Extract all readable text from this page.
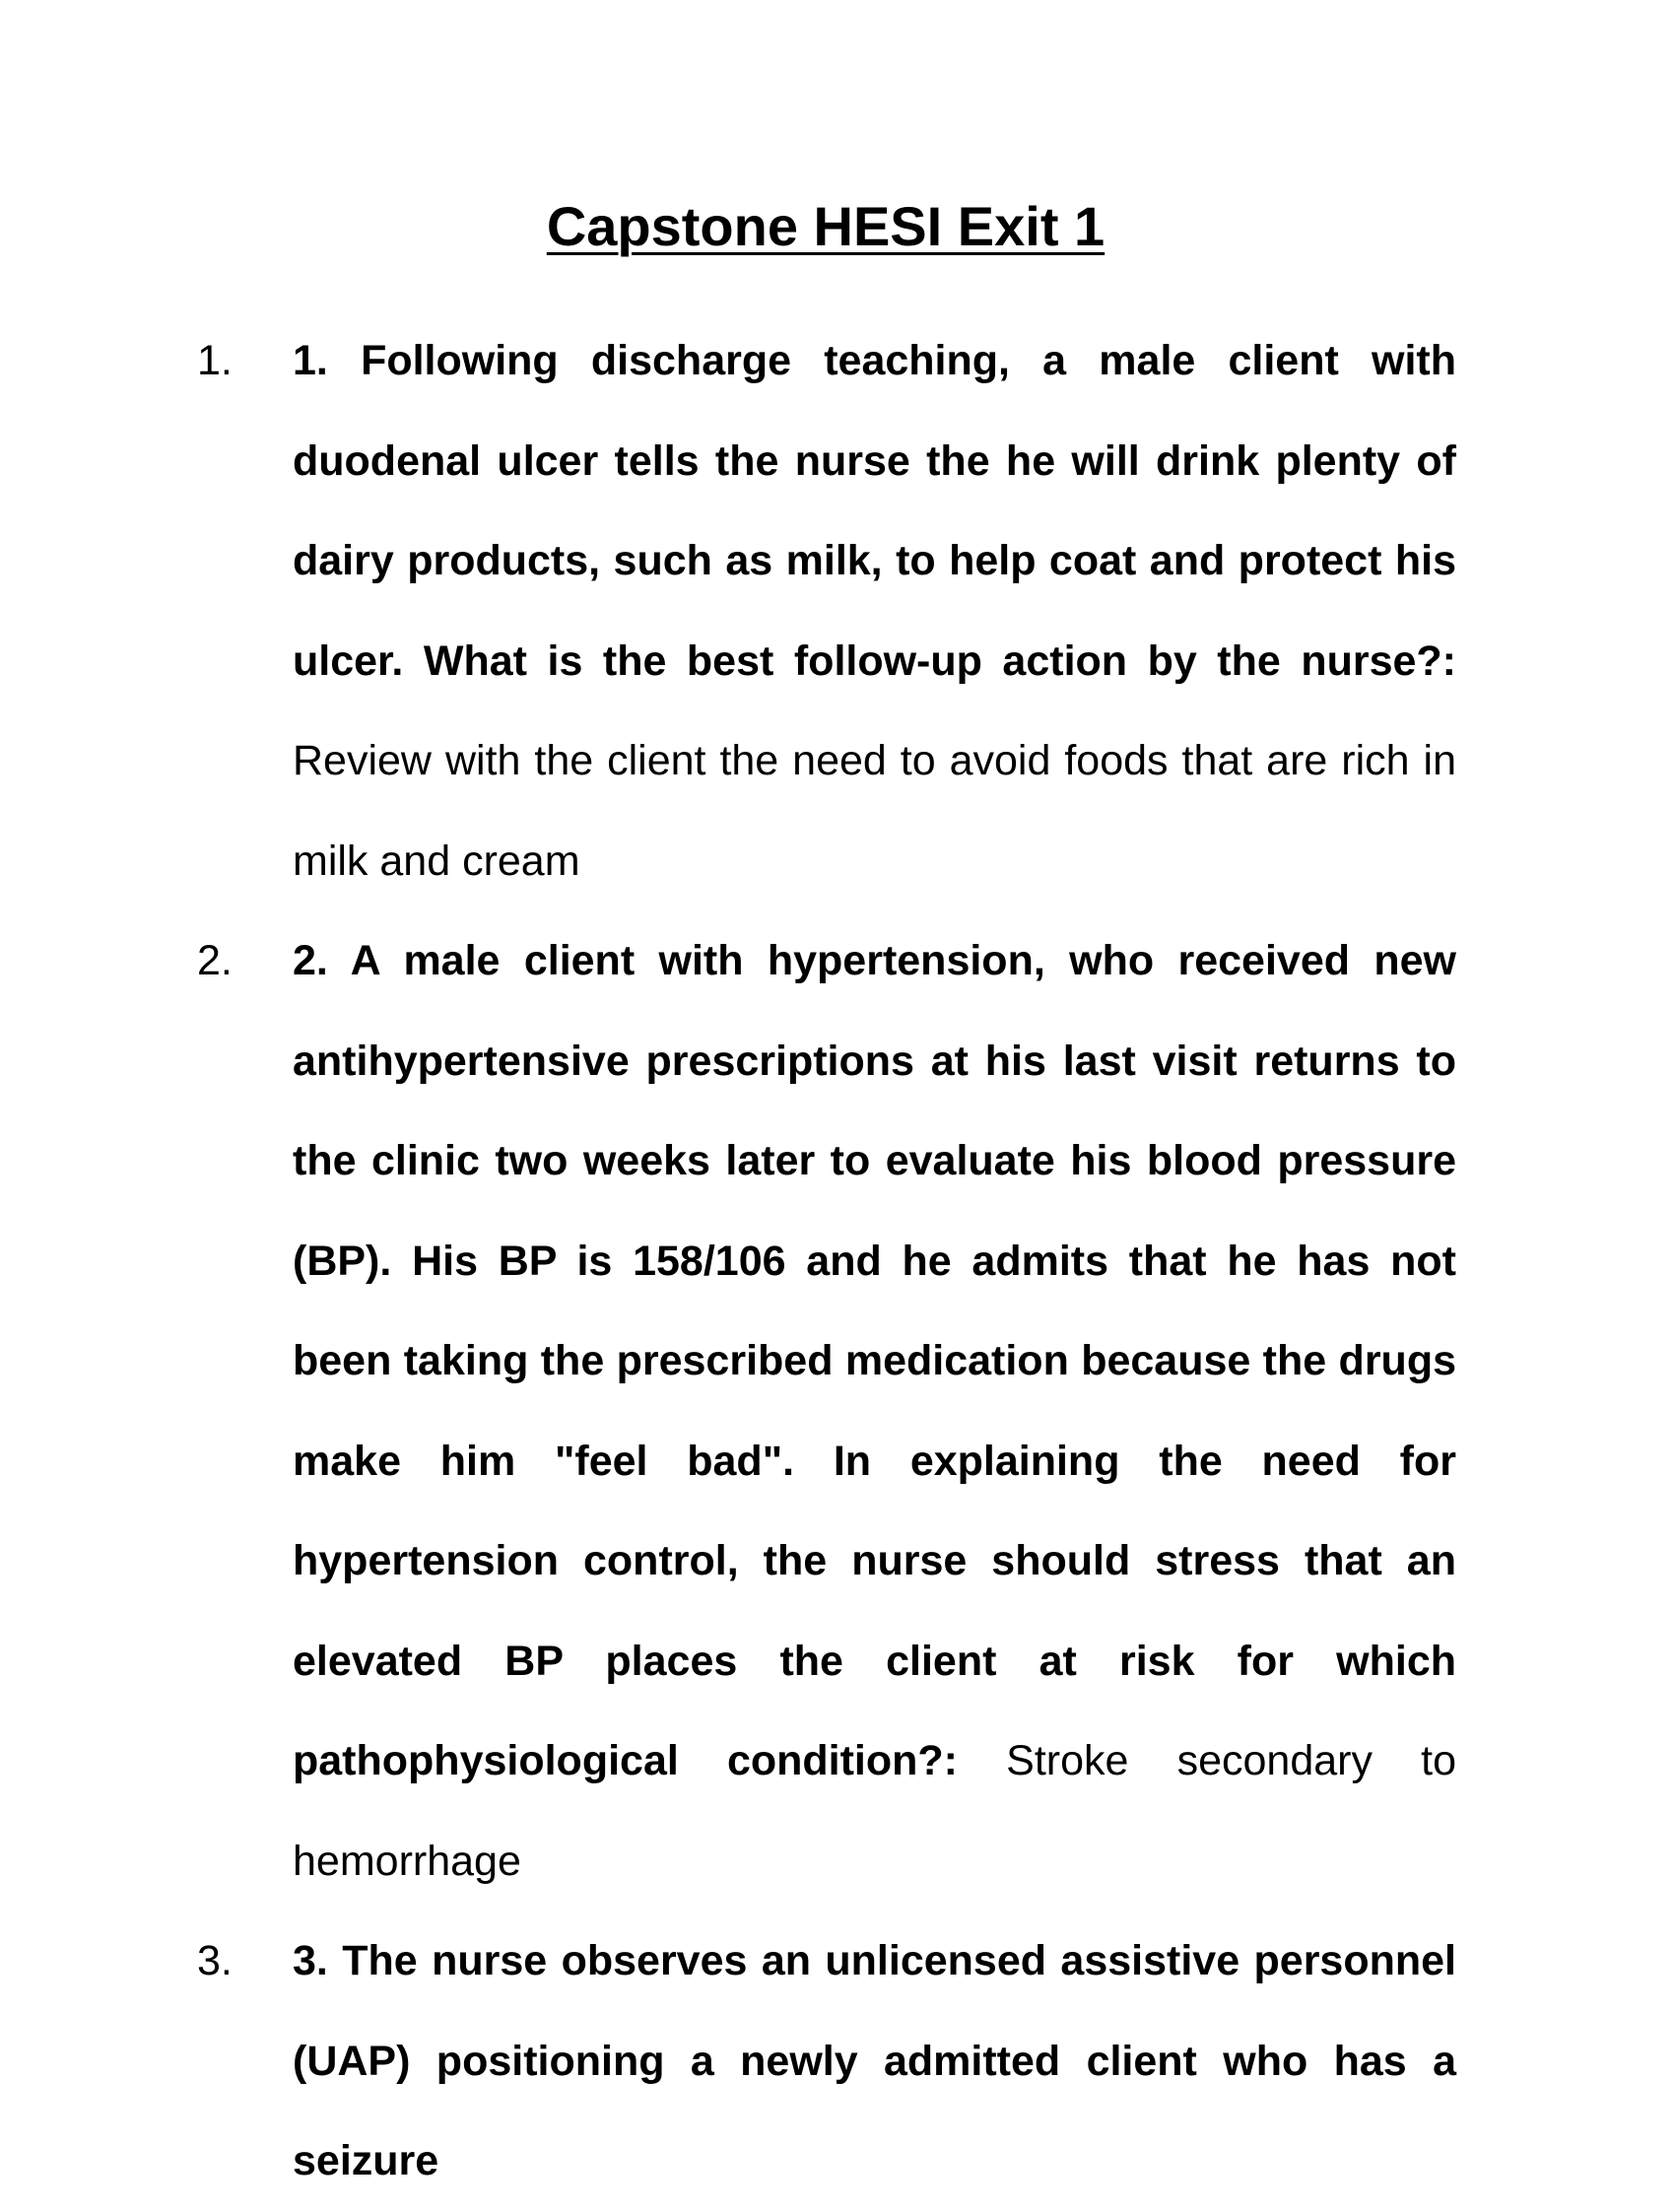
Capstone HESI Exit 1

1. 1. Following discharge teaching, a male client with duodenal ulcer tells the nurse the he will drink plenty of dairy products, such as milk, to help coat and protect his ulcer. What is the best follow-up action by the nurse?: Review with the client the need to avoid foods that are rich in milk and cream

2. 2. A male client with hypertension, who received new antihypertensive prescriptions at his last visit returns to the clinic two weeks later to evaluate his blood pressure (BP). His BP is 158/106 and he admits that he has not been taking the prescribed medication because the drugs make him "feel bad". In explaining the need for hypertension control, the nurse should stress that an elevated BP places the client at risk for which pathophysiological condition?: Stroke secondary to hemorrhage

3. 3. The nurse observes an unlicensed assistive personnel (UAP) positioning a newly admitted client who has a seizure
